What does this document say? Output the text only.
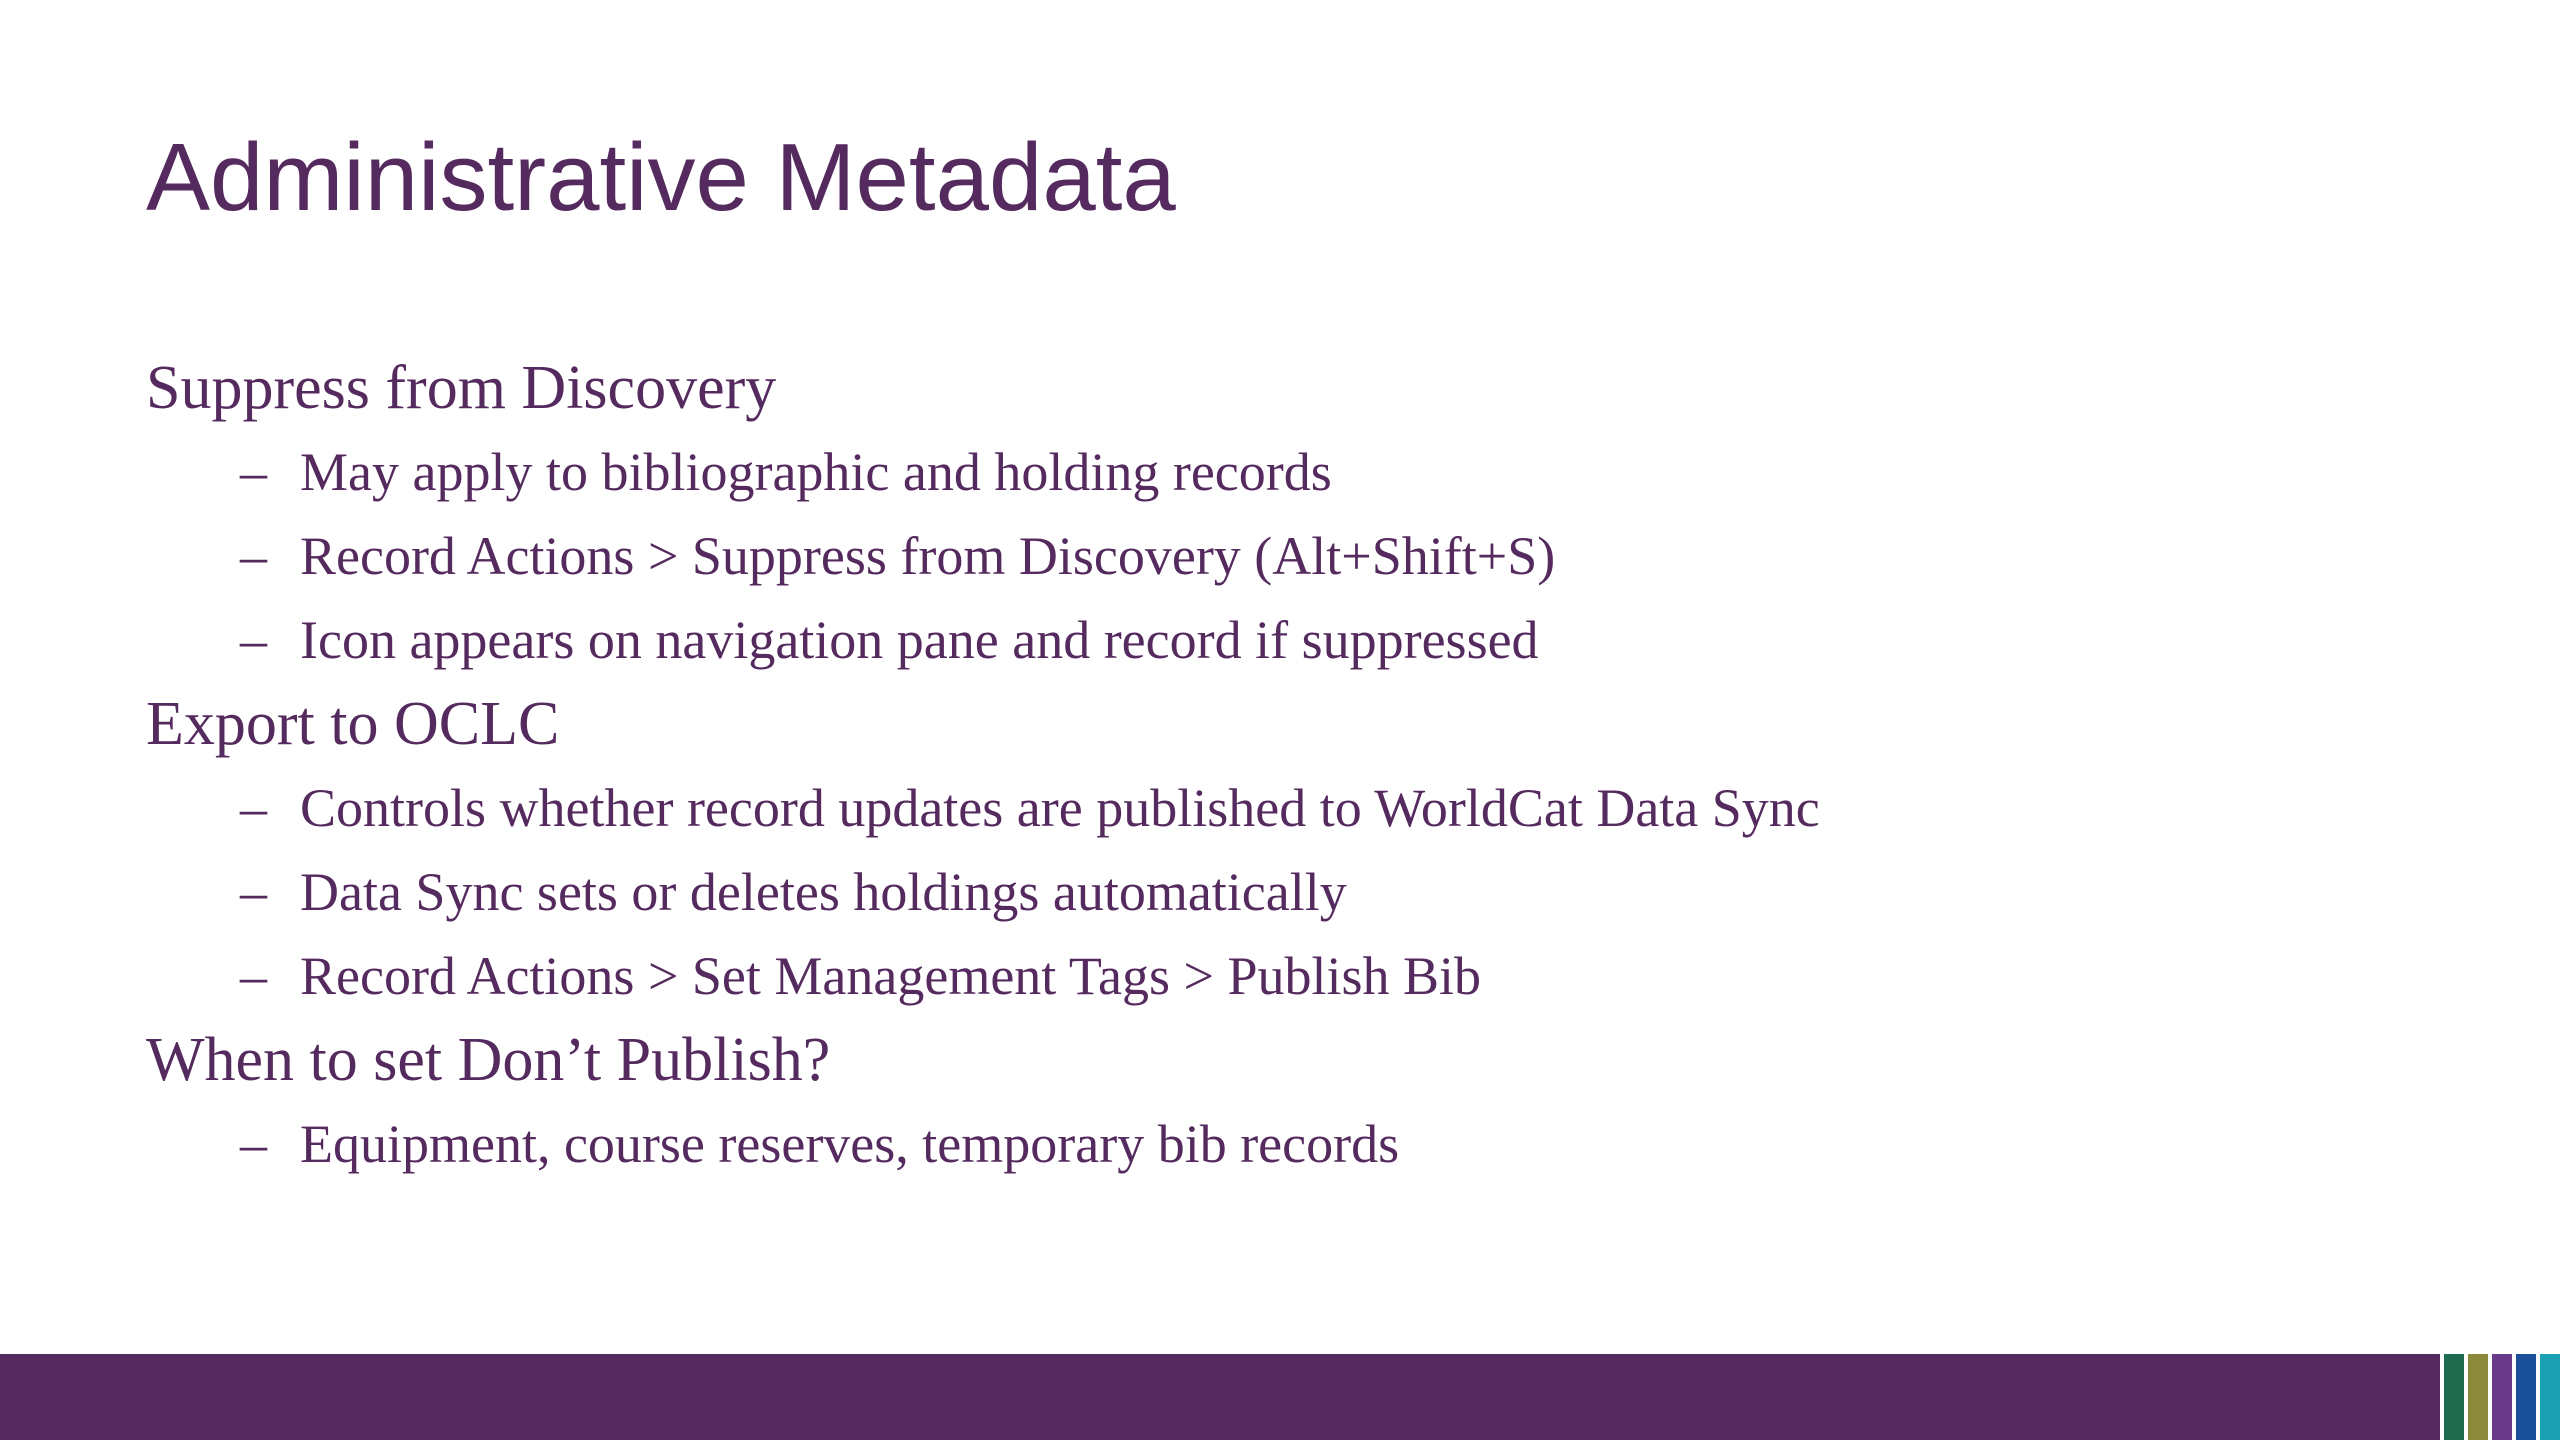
Administrative Metadata
Suppress from Discovery
– May apply to bibliographic and holding records
– Record Actions > Suppress from Discovery (Alt+Shift+S)
– Icon appears on navigation pane and record if suppressed
Export to OCLC
– Controls whether record updates are published to WorldCat Data Sync
– Data Sync sets or deletes holdings automatically
– Record Actions > Set Management Tags > Publish Bib
When to set Don’t Publish?
– Equipment, course reserves, temporary bib records
